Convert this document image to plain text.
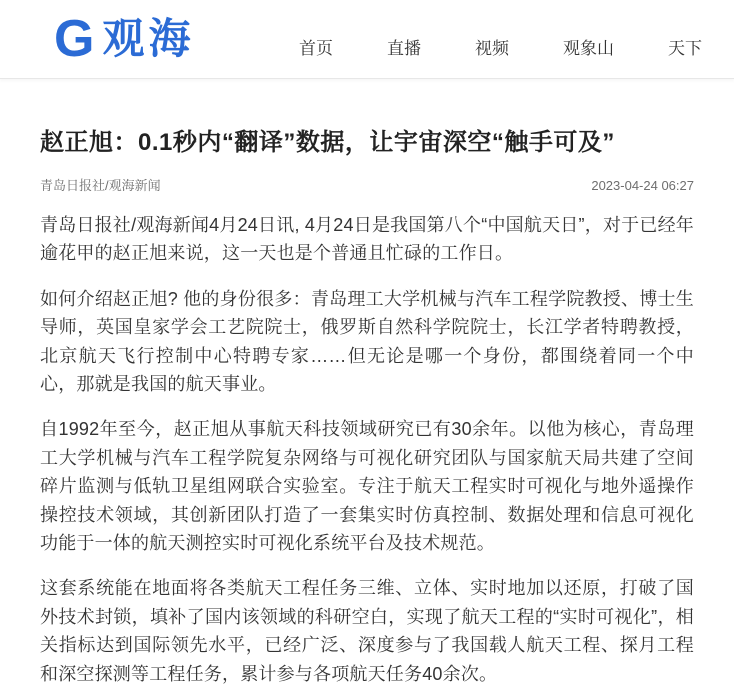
G 观海	首页	直播	视频	观象山	天下
赵正旭：0.1秒内“翻译”数据，让宇宙深空“触手可及”
青岛日报社/观海新闻	2023-04-24 06:27

青岛日报社/观海新闻4月24日讯, 4月24日是我国第八个“中国航天日”，对于已经年逾花甲的赵正旭来说，这一天也是个普通且忙碌的工作日。

如何介绍赵正旭? 他的身份很多：青岛理工大学机械与汽车工程学院教授、博士生导师，英国皇家学会工艺院院士，俄罗斯自然科学院院士，长江学者特聘教授，北京航天飞行控制中心特聘专家……但无论是哪一个身份，都围绕着同一个中心，那就是我国的航天事业。

自1992年至今，赵正旭从事航天科技领域研究已有30余年。以他为核心，青岛理工大学机械与汽车工程学院复杂网络与可视化研究团队与国家航天局共建了空间碎片监测与低轨卫星组网联合实验室。专注于航天工程实时可视化与地外遥操作操控技术领域，其创新团队打造了一套集实时仿真控制、数据处理和信息可视化功能于一体的航天测控实时可视化系统平台及技术规范。

这套系统能在地面将各类航天工程任务三维、立体、实时地加以还原，打破了国外技术封锁，填补了国内该领域的科研空白，实现了航天工程的“实时可视化”，相关指标达到国际领先水平，已经广泛、深度参与了我国载人航天工程、探月工程和深空探测等工程任务，累计参与各项航天任务40余次。
